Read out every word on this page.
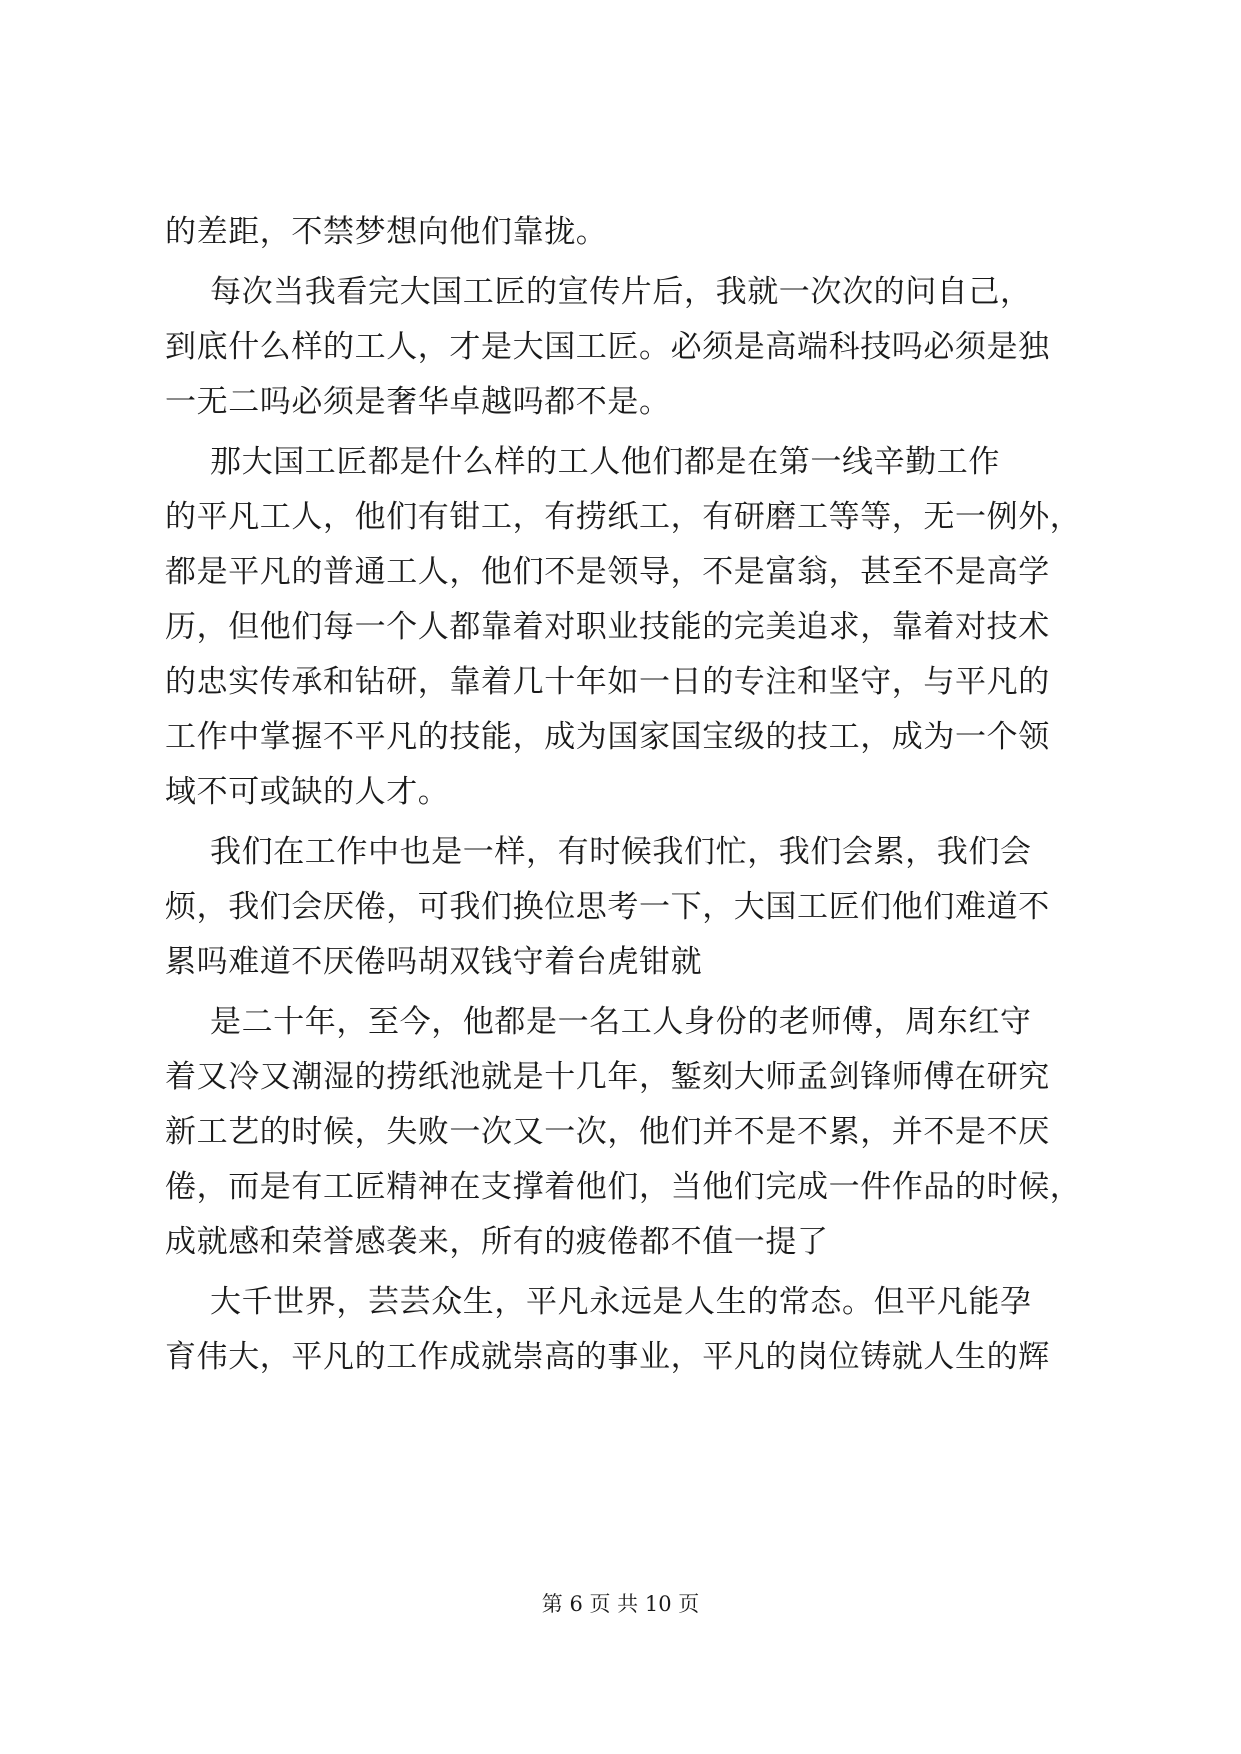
的差距，不禁梦想向他们靠拢。
每次当我看完大国工匠的宣传片后，我就一次次的问自己，
到底什么样的工人，才是大国工匠。必须是高端科技吗必须是独
一无二吗必须是奢华卓越吗都不是。
那大国工匠都是什么样的工人他们都是在第一线辛勤工作
的平凡工人，他们有钳工，有捞纸工，有研磨工等等，无一例外，
都是平凡的普通工人，他们不是领导，不是富翁，甚至不是高学
历，但他们每一个人都靠着对职业技能的完美追求，靠着对技术
的忠实传承和钻研，靠着几十年如一日的专注和坚守，与平凡的
工作中掌握不平凡的技能，成为国家国宝级的技工，成为一个领
域不可或缺的人才。
我们在工作中也是一样，有时候我们忙，我们会累，我们会
烦，我们会厌倦，可我们换位思考一下，大国工匠们他们难道不
累吗难道不厌倦吗胡双钱守着台虎钳就
是二十年，至今，他都是一名工人身份的老师傅，周东红守
着又冷又潮湿的捞纸池就是十几年，錾刻大师孟剑锋师傅在研究
新工艺的时候，失败一次又一次，他们并不是不累，并不是不厌
倦，而是有工匠精神在支撑着他们，当他们完成一件作品的时候，
成就感和荣誉感袭来，所有的疲倦都不值一提了
大千世界，芸芸众生，平凡永远是人生的常态。但平凡能孕
育伟大，平凡的工作成就崇高的事业，平凡的岗位铸就人生的辉
第 6 页 共 10 页
